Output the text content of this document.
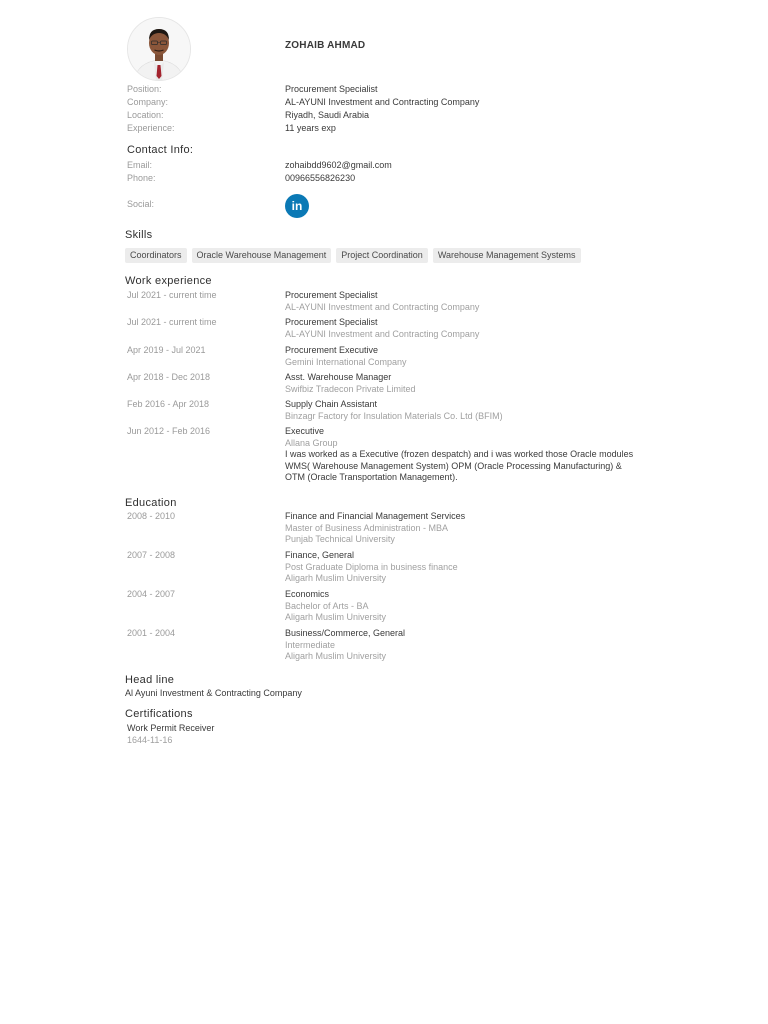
ZOHAIB AHMAD
Position:	Procurement Specialist
Company:	AL-AYUNI Investment and Contracting Company
Location:	Riyadh, Saudi Arabia
Experience:	11 years exp
Contact Info:
Email:	zohaibdd9602@gmail.com
Phone:	00966556826230
Social:	in
Skills
Coordinators	Oracle Warehouse Management	Project Coordination	Warehouse Management Systems
Work experience
Jul 2021 - current time	Procurement Specialist
AL-AYUNI Investment and Contracting Company
Jul 2021 - current time	Procurement Specialist
AL-AYUNI Investment and Contracting Company
Apr 2019 - Jul 2021	Procurement Executive
Gemini International Company
Apr 2018 - Dec 2018	Asst. Warehouse Manager
Swifbiz Tradecon Private Limited
Feb 2016 - Apr 2018	Supply Chain Assistant
Binzagr Factory for Insulation Materials Co. Ltd (BFIM)
Jun 2012 - Feb 2016	Executive
Allana Group
I was worked as a Executive (frozen despatch) and i was worked those Oracle modules WMS( Warehouse Management System) OPM (Oracle Processing Manufacturing) & OTM (Oracle Transportation Management).
Education
2008 - 2010	Finance and Financial Management Services
Master of Business Administration - MBA
Punjab Technical University
2007 - 2008	Finance, General
Post Graduate Diploma in business finance
Aligarh Muslim University
2004 - 2007	Economics
Bachelor of Arts - BA
Aligarh Muslim University
2001 - 2004	Business/Commerce, General
Intermediate
Aligarh Muslim University
Head line
Al Ayuni Investment & Contracting Company
Certifications
Work Permit Receiver
1644-11-16
